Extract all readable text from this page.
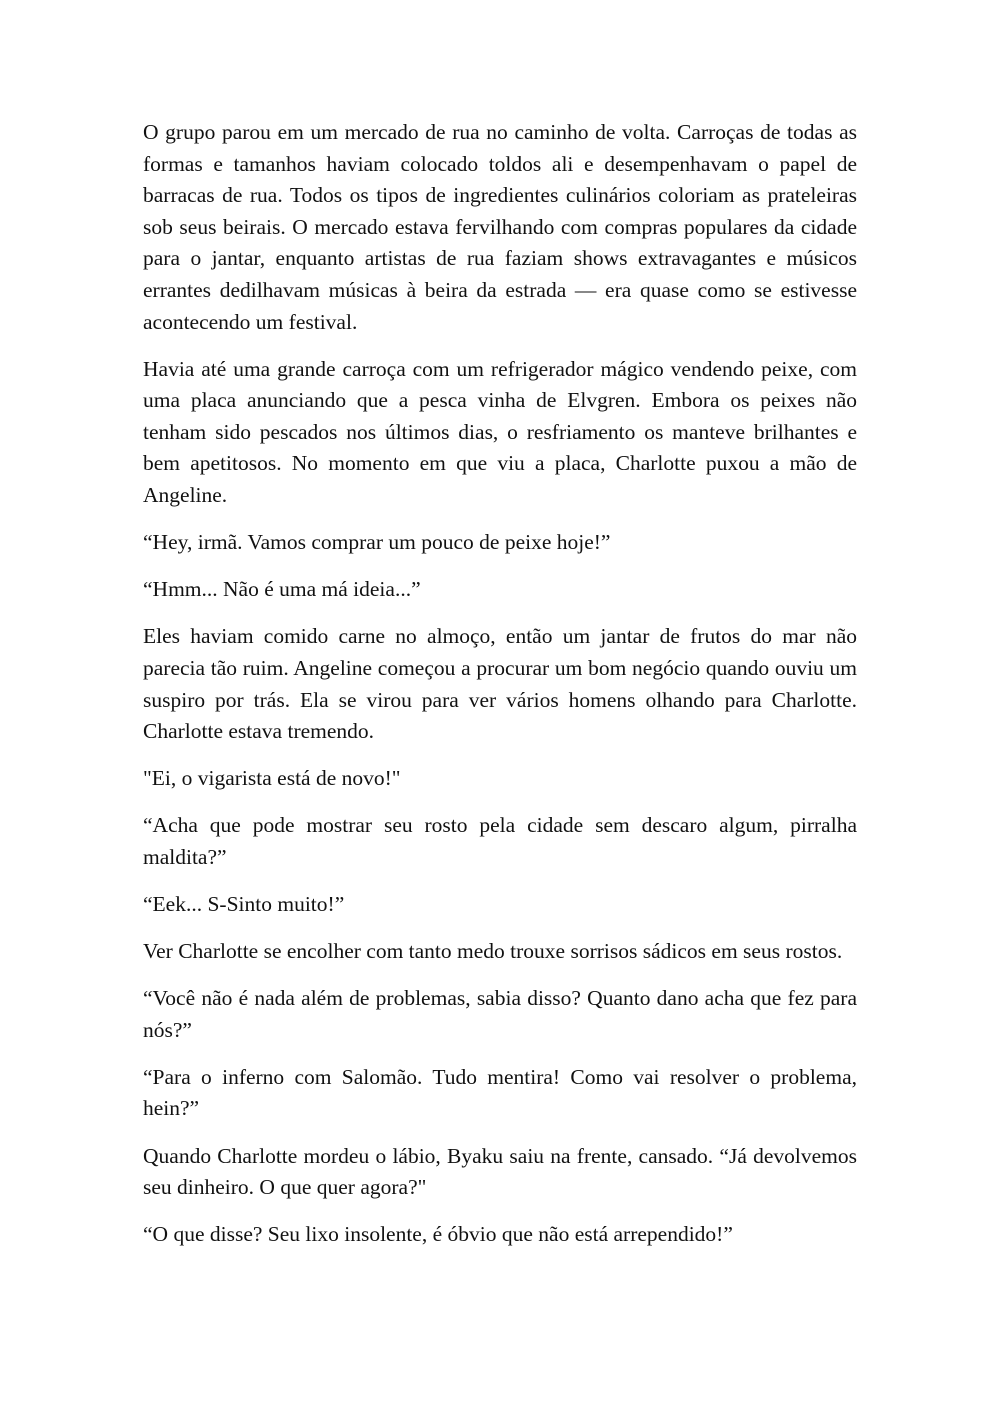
O grupo parou em um mercado de rua no caminho de volta. Carroças de todas as formas e tamanhos haviam colocado toldos ali e desempenhavam o papel de barracas de rua. Todos os tipos de ingredientes culinários coloriam as prateleiras sob seus beirais. O mercado estava fervilhando com compras populares da cidade para o jantar, enquanto artistas de rua faziam shows extravagantes e músicos errantes dedilhavam músicas à beira da estrada — era quase como se estivesse acontecendo um festival.

Havia até uma grande carroça com um refrigerador mágico vendendo peixe, com uma placa anunciando que a pesca vinha de Elvgren. Embora os peixes não tenham sido pescados nos últimos dias, o resfriamento os manteve brilhantes e bem apetitosos. No momento em que viu a placa, Charlotte puxou a mão de Angeline.

“Hey, irmã. Vamos comprar um pouco de peixe hoje!”

“Hmm... Não é uma má ideia...”

Eles haviam comido carne no almoço, então um jantar de frutos do mar não parecia tão ruim. Angeline começou a procurar um bom negócio quando ouviu um suspiro por trás. Ela se virou para ver vários homens olhando para Charlotte. Charlotte estava tremendo.

"Ei, o vigarista está de novo!"

“Acha que pode mostrar seu rosto pela cidade sem descaro algum, pirralha maldita?”

“Eek... S-Sinto muito!”

Ver Charlotte se encolher com tanto medo trouxe sorrisos sádicos em seus rostos.

“Você não é nada além de problemas, sabia disso? Quanto dano acha que fez para nós?”

“Para o inferno com Salomão. Tudo mentira! Como vai resolver o problema, hein?”

Quando Charlotte mordeu o lábio, Byaku saiu na frente, cansado. “Já devolvemos seu dinheiro. O que quer agora?"

“O que disse? Seu lixo insolente, é óbvio que não está arrependido!”
